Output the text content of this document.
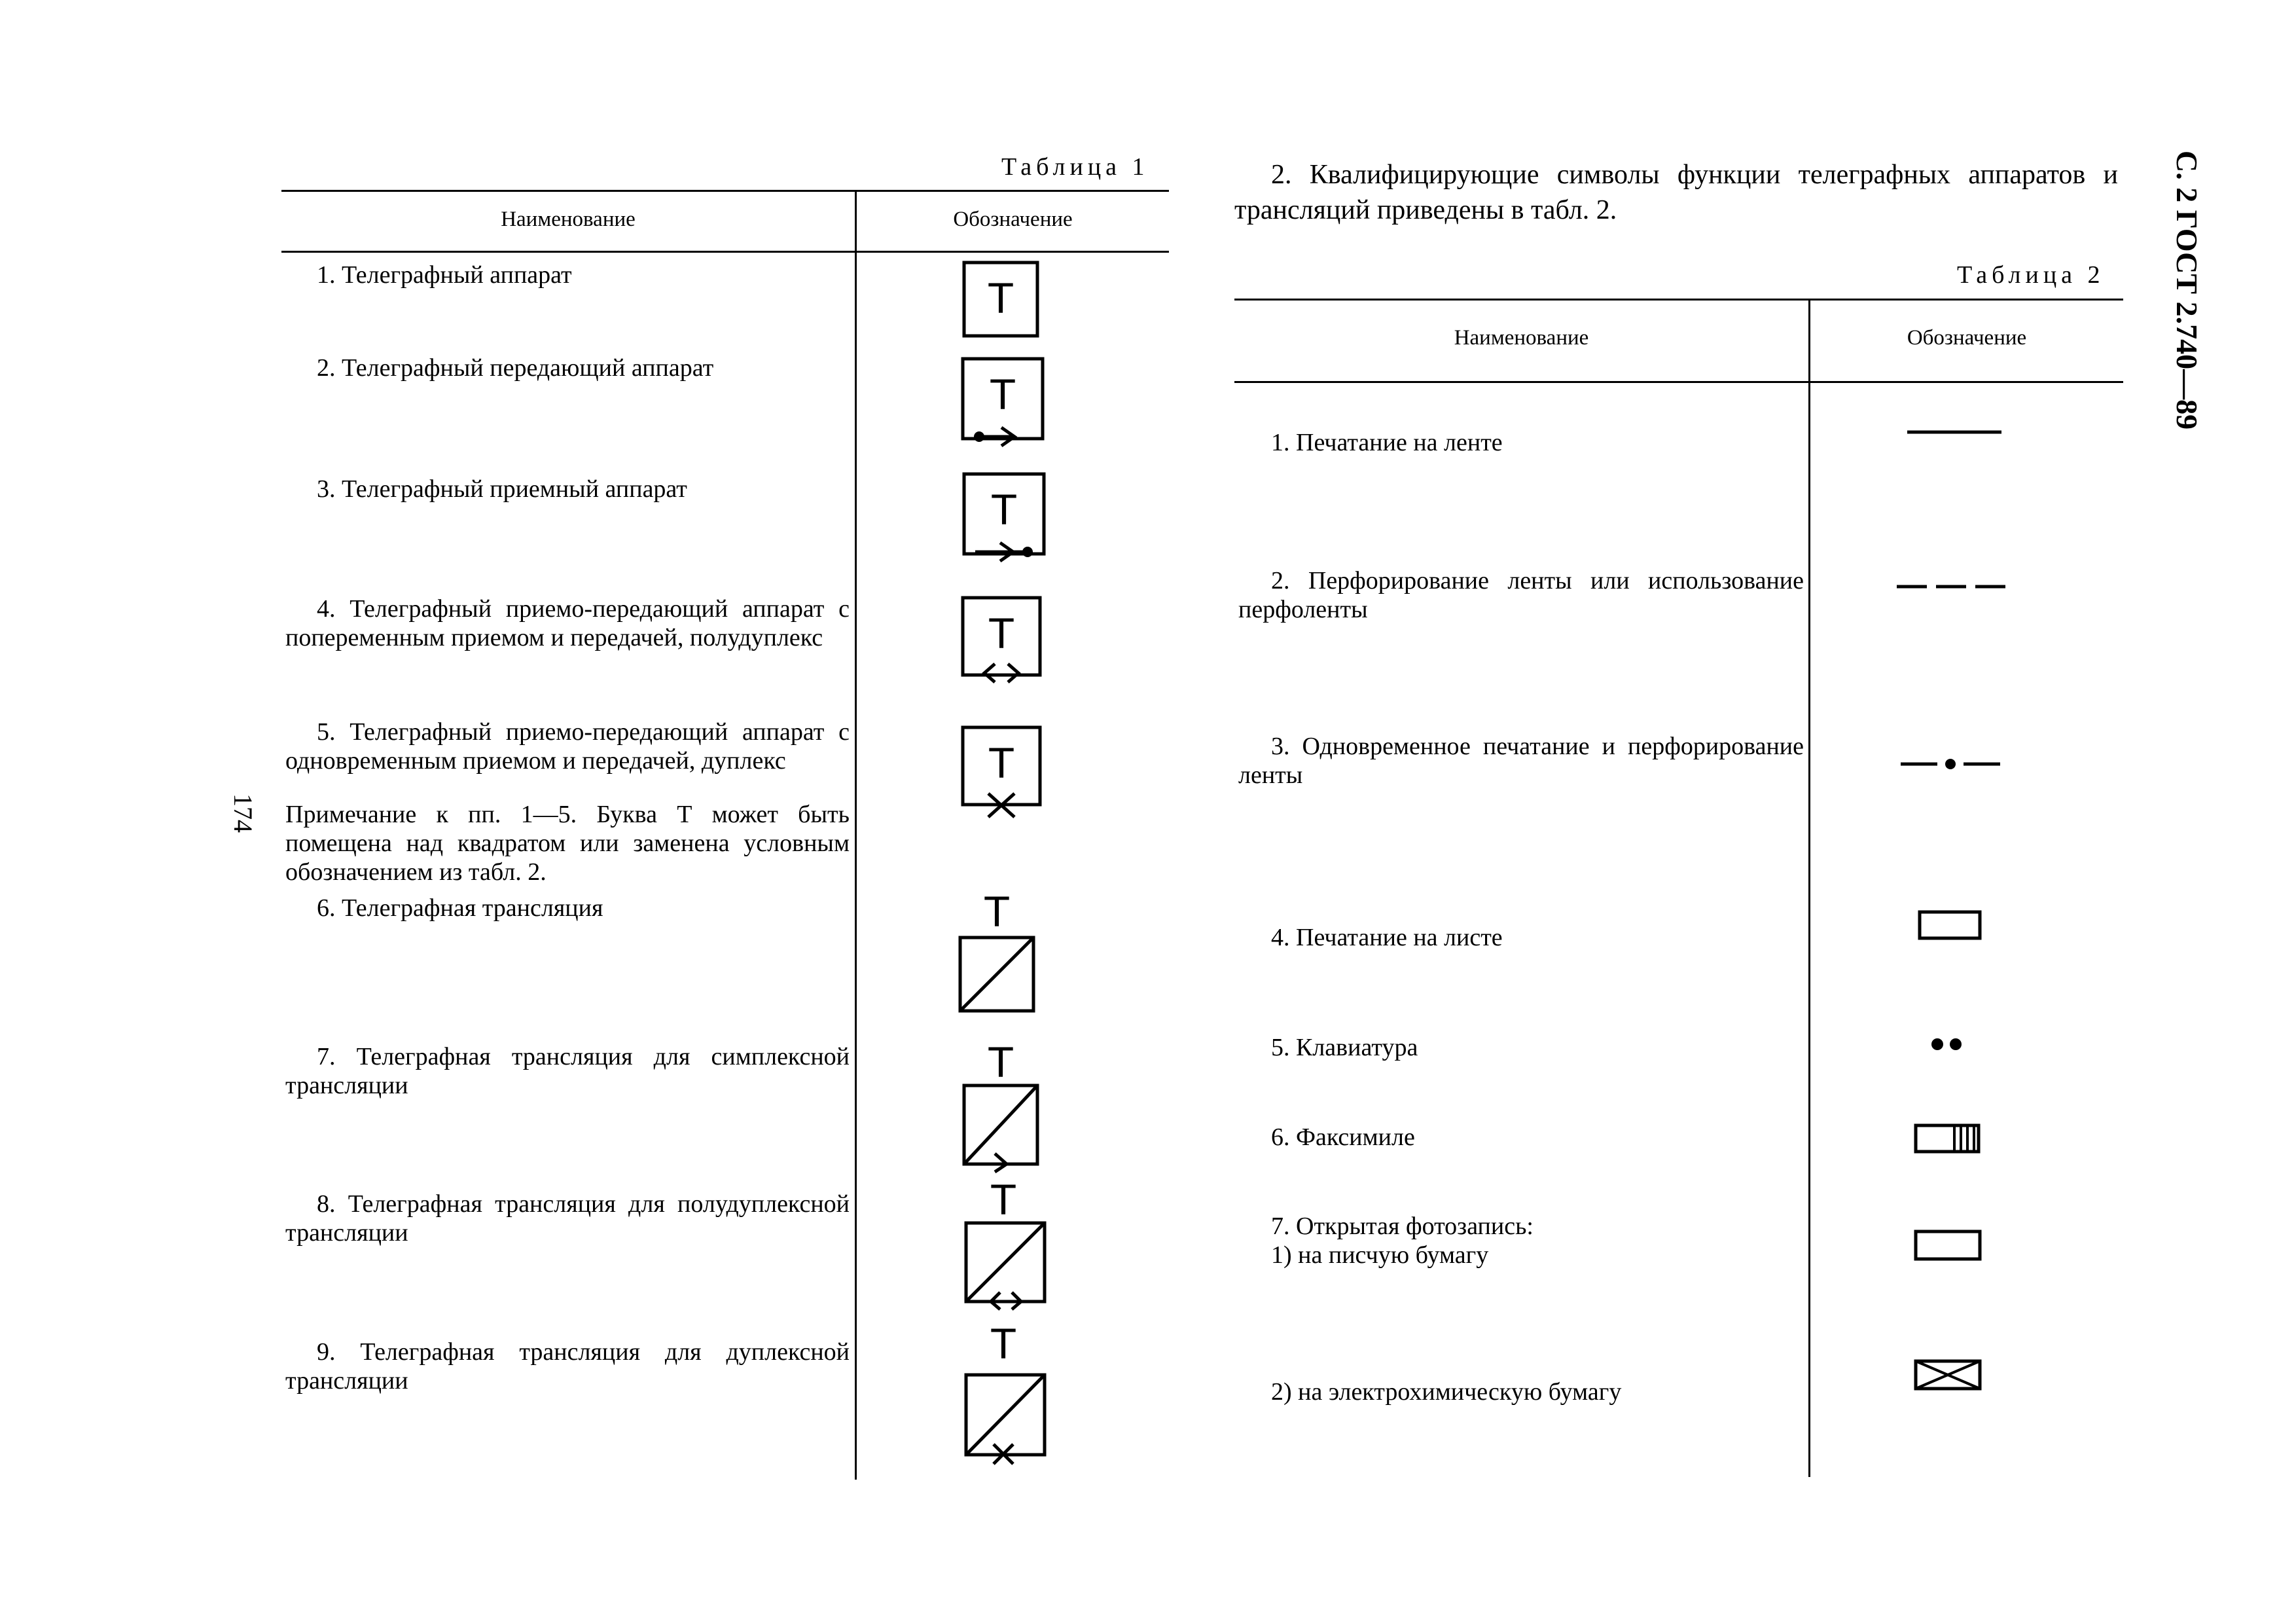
С. 2 ГОСТ 2.740—89
174
Таблица 1
Наименование	Обозначение
1. Телеграфный аппарат
2. Телеграфный передающий аппарат
3. Телеграфный приемный аппарат
4. Телеграфный приемо-передающий аппарат с попеременным приемом и передачей, полудуплекс
5. Телеграфный приемо-передающий аппарат с одновременным приемом и передачей, дуплекс
Примечание к пп. 1—5. Буква Т может быть помещена над квадратом или заменена условным обозначением из табл. 2.
6. Телеграфная трансляция
7. Телеграфная трансляция для симплексной трансляции
8. Телеграфная трансляция для полудуплексной трансляции
9. Телеграфная трансляция для дуплексной трансляции
Т
Т
Т
Т
Т
Т
Т
Т
Т
2. Квалифицирующие символы функции телеграфных аппаратов и трансляций приведены в табл. 2.
Таблица 2
Наименование	Обозначение
1. Печатание на ленте
2. Перфорирование ленты или использование перфоленты
3. Одновременное печатание и перфорирование ленты
4. Печатание на листе
5. Клавиатура
6. Факсимиле
7. Открытая фотозапись:
1) на писчую бумагу
2) на электрохимическую бумагу
